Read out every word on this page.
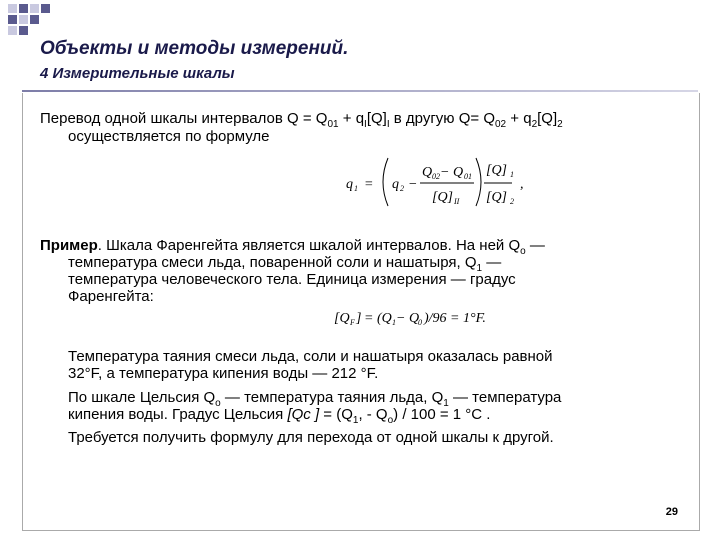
Объекты и методы измерений.
4 Измерительные шкалы
Перевод одной шкалы интервалов $Q = Q_{01} + q_I[Q]_I$ в другую $Q= Q_{02} + q_2[Q]_2$
осуществляется по формуле
q 1 = q 2 −
Q 02 − Q 01
[Q] II
[Q] 1
[Q] 2
,
Пример. Шкала Фаренгейта является шкалой интервалов. На ней $Q_о$ —
температура смеси льда, поваренной соли и нашатыря, $Q_1$ —
температура человеческого тела. Единица измерения — градус
Фаренгейта:
[Q F ] = (Q 1 − Q
0 )/96 = 1°F.
Температура таяния смеси льда, соли и нашатыря оказалась равной
32°F, а температура кипения воды — 212 °F.
По шкале Цельсия $Q_o$ — температура таяния льда, $Q_1$ — температура
кипения воды. Градус Цельсия [Qc ] = ($Q_1$, - $Q_o) / 100 = 1$ °C .
Требуется получить формулу для перехода от одной шкалы к другой.
29
